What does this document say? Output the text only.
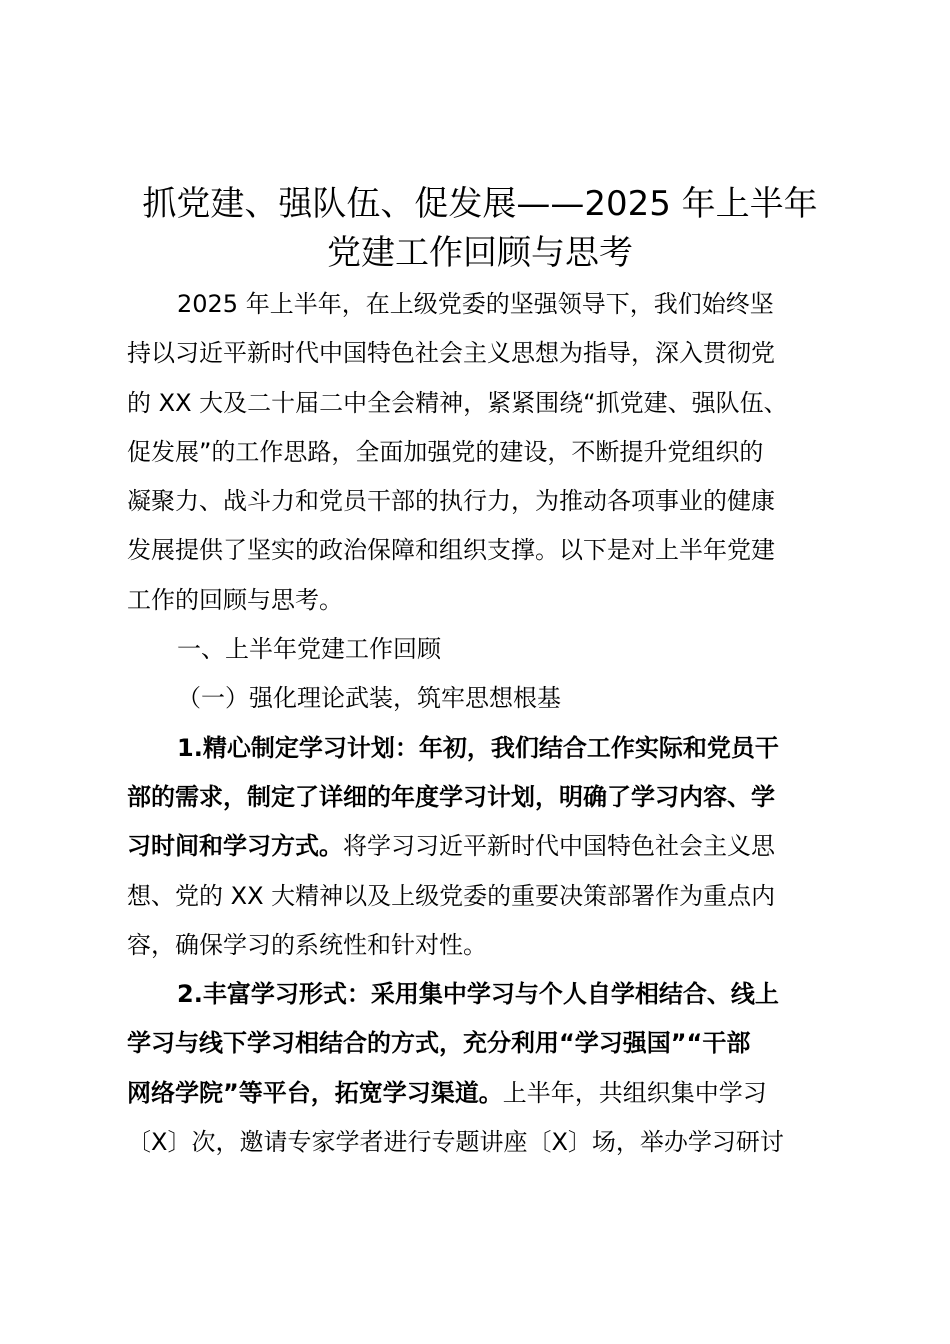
抓党建、强队伍、促发展——2025 年上半年
党建工作回顾与思考

2025 年上半年，在上级党委的坚强领导下，我们始终坚
持以习近平新时代中国特色社会主义思想为指导，深入贯彻党
的 XX 大及二十届二中全会精神，紧紧围绕“抓党建、强队伍、
促发展”的工作思路，全面加强党的建设，不断提升党组织的
凝聚力、战斗力和党员干部的执行力，为推动各项事业的健康
发展提供了坚实的政治保障和组织支撑。以下是对上半年党建
工作的回顾与思考。

一、上半年党建工作回顾

（一）强化理论武装，筑牢思想根基

1.精心制定学习计划：年初，我们结合工作实际和党员干
部的需求，制定了详细的年度学习计划，明确了学习内容、学
习时间和学习方式。将学习习近平新时代中国特色社会主义思
想、党的 XX 大精神以及上级党委的重要决策部署作为重点内
容，确保学习的系统性和针对性。

2.丰富学习形式：采用集中学习与个人自学相结合、线上
学习与线下学习相结合的方式，充分利用“学习强国”“干部
网络学院”等平台，拓宽学习渠道。上半年，共组织集中学习
〔X〕次，邀请专家学者进行专题讲座〔X〕场，举办学习研讨
